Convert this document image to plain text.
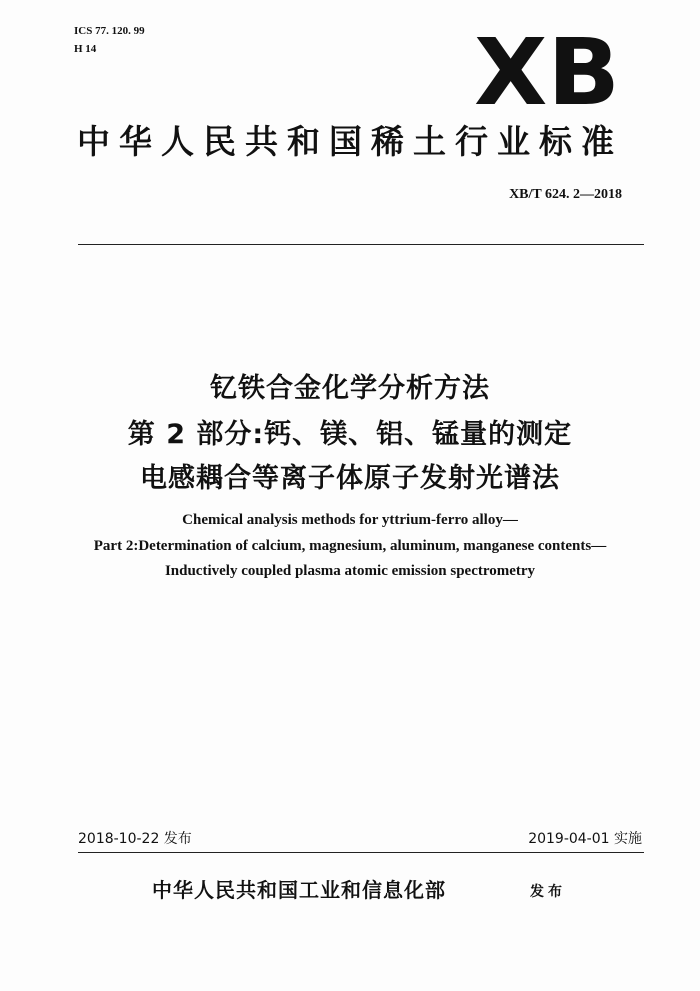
ICS 77. 120. 99
H 14	XB
中华人民共和国稀土行业标准
XB/T 624. 2—2018
钇铁合金化学分析方法
第 2 部分:钙、镁、铝、锰量的测定
电感耦合等离子体原子发射光谱法
Chemical analysis methods for yttrium-ferro alloy—
Part 2:Determination of calcium, magnesium, aluminum, manganese contents—
Inductively coupled plasma atomic emission spectrometry
2018-10-22 发布	2019-04-01 实施
中华人民共和国工业和信息化部	发布
